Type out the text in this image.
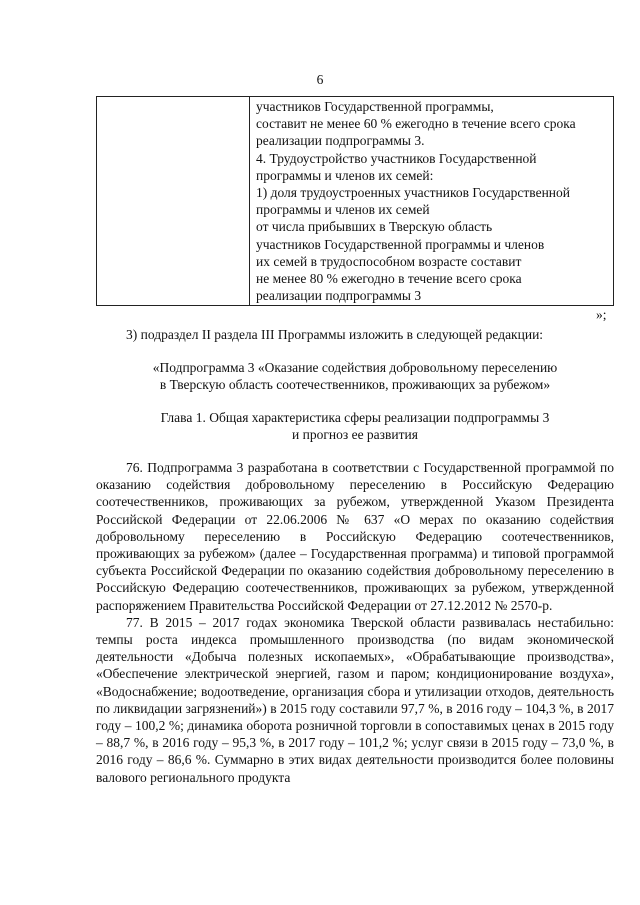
6

участников Государственной программы,
составит не менее 60 % ежегодно в течение всего срока
реализации подпрограммы 3.
4. Трудоустройство участников Государственной
программы и членов их семей:
1) доля трудоустроенных участников Государственной
программы и членов их семей
от числа прибывших в Тверскую область
участников Государственной программы и членов
их семей в трудоспособном возрасте составит
не менее 80 % ежегодно в течение всего срока
реализации подпрограммы 3
»;
3) подраздел II раздела III Программы изложить в следующей редакции:
«Подпрограмма 3 «Оказание содействия добровольному переселению
в Тверскую область соотечественников, проживающих за рубежом»
Глава 1. Общая характеристика сферы реализации подпрограммы 3
и прогноз ее развития

76. Подпрограмма 3 разработана в соответствии с Государственной программой по оказанию содействия добровольному переселению в Российскую Федерацию соотечественников, проживающих за рубежом, утвержденной Указом Президента Российской Федерации от 22.06.2006 № 637 «О мерах по оказанию содействия добровольному переселению в Российскую Федерацию соотечественников, проживающих за рубежом» (далее – Государственная программа) и типовой программой субъекта Российской Федерации по оказанию содействия добровольному переселению в Российскую Федерацию соотечественников, проживающих за рубежом, утвержденной распоряжением Правительства Российской Федерации от 27.12.2012 № 2570-р.

77. В 2015 – 2017 годах экономика Тверской области развивалась нестабильно: темпы роста индекса промышленного производства (по видам экономической деятельности «Добыча полезных ископаемых», «Обрабатывающие производства», «Обеспечение электрической энергией, газом и паром; кондиционирование воздуха», «Водоснабжение; водоотведение, организация сбора и утилизации отходов, деятельность по ликвидации загрязнений») в 2015 году составили 97,7 %, в 2016 году – 104,3 %, в 2017 году – 100,2 %; динамика оборота розничной торговли в сопоставимых ценах в 2015 году – 88,7 %, в 2016 году – 95,3 %, в 2017 году – 101,2 %; услуг связи в 2015 году – 73,0 %, в 2016 году – 86,6 %. Суммарно в этих видах деятельности производится более половины валового регионального продукта
